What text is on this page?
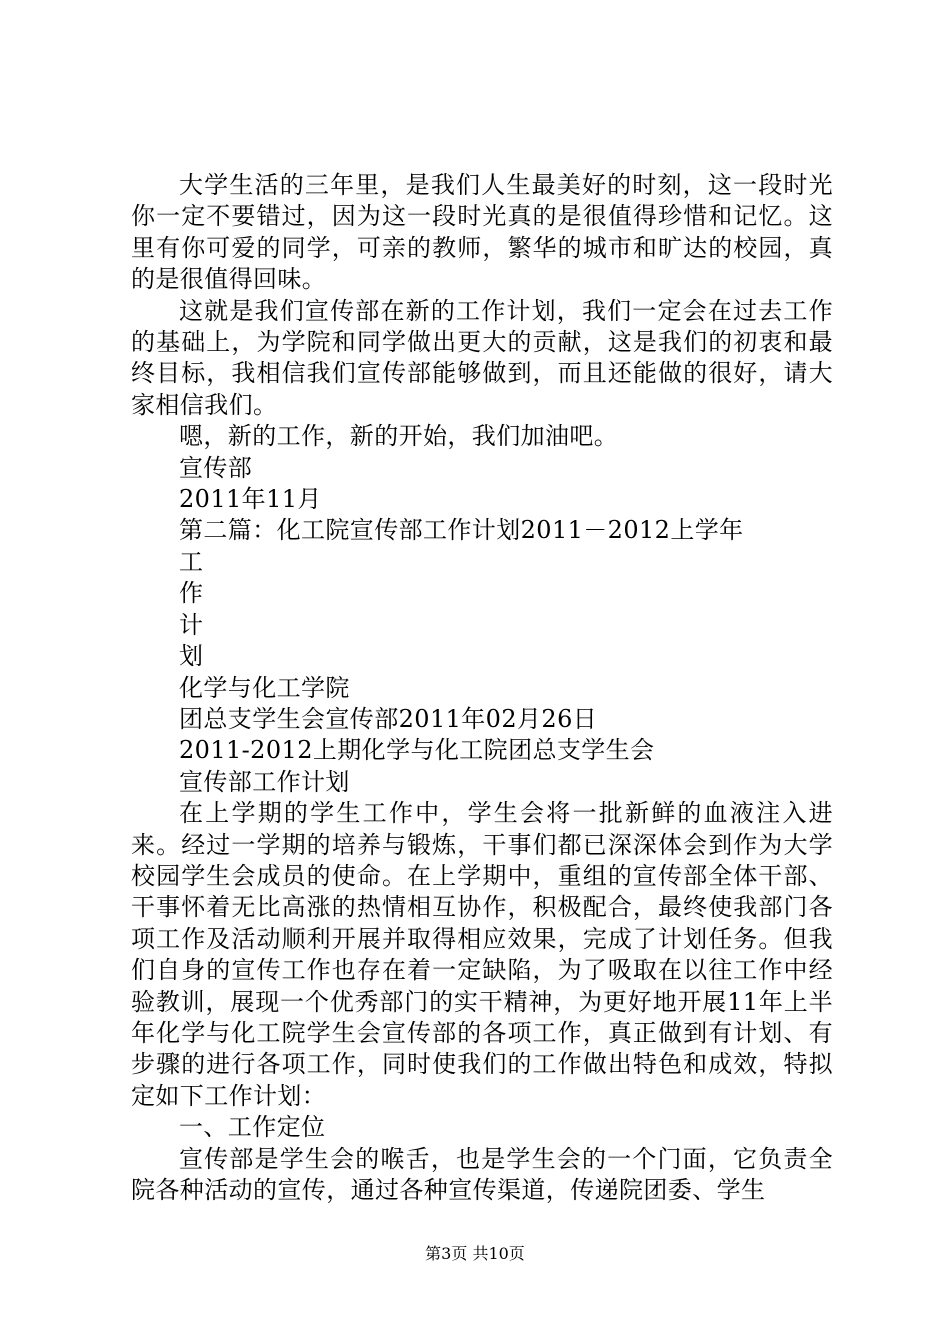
大学生活的三年里，是我们人生最美好的时刻，这一段时光你一定不要错过，因为这一段时光真的是很值得珍惜和记忆。这里有你可爱的同学，可亲的教师，繁华的城市和旷达的校园，真的是很值得回味。

这就是我们宣传部在新的工作计划，我们一定会在过去工作的基础上，为学院和同学做出更大的贡献，这是我们的初衷和最终目标，我相信我们宣传部能够做到，而且还能做的很好，请大家相信我们。

嗯，新的工作，新的开始，我们加油吧。

宣传部

2011年11月

第二篇：化工院宣传部工作计划2011－2012上学年

工

作

计

划

化学与化工学院

团总支学生会宣传部2011年02月26日

2011-2012上期化学与化工院团总支学生会

宣传部工作计划

在上学期的学生工作中，学生会将一批新鲜的血液注入进来。经过一学期的培养与锻炼，干事们都已深深体会到作为大学校园学生会成员的使命。在上学期中，重组的宣传部全体干部、干事怀着无比高涨的热情相互协作，积极配合，最终使我部门各项工作及活动顺利开展并取得相应效果，完成了计划任务。但我们自身的宣传工作也存在着一定缺陷，为了吸取在以往工作中经验教训，展现一个优秀部门的实干精神，为更好地开展11年上半年化学与化工院学生会宣传部的各项工作，真正做到有计划、有步骤的进行各项工作，同时使我们的工作做出特色和成效，特拟定如下工作计划：

一、工作定位

宣传部是学生会的喉舌，也是学生会的一个门面，它负责全院各种活动的宣传，通过各种宣传渠道，传递院团委、学生

第3页 共10页
